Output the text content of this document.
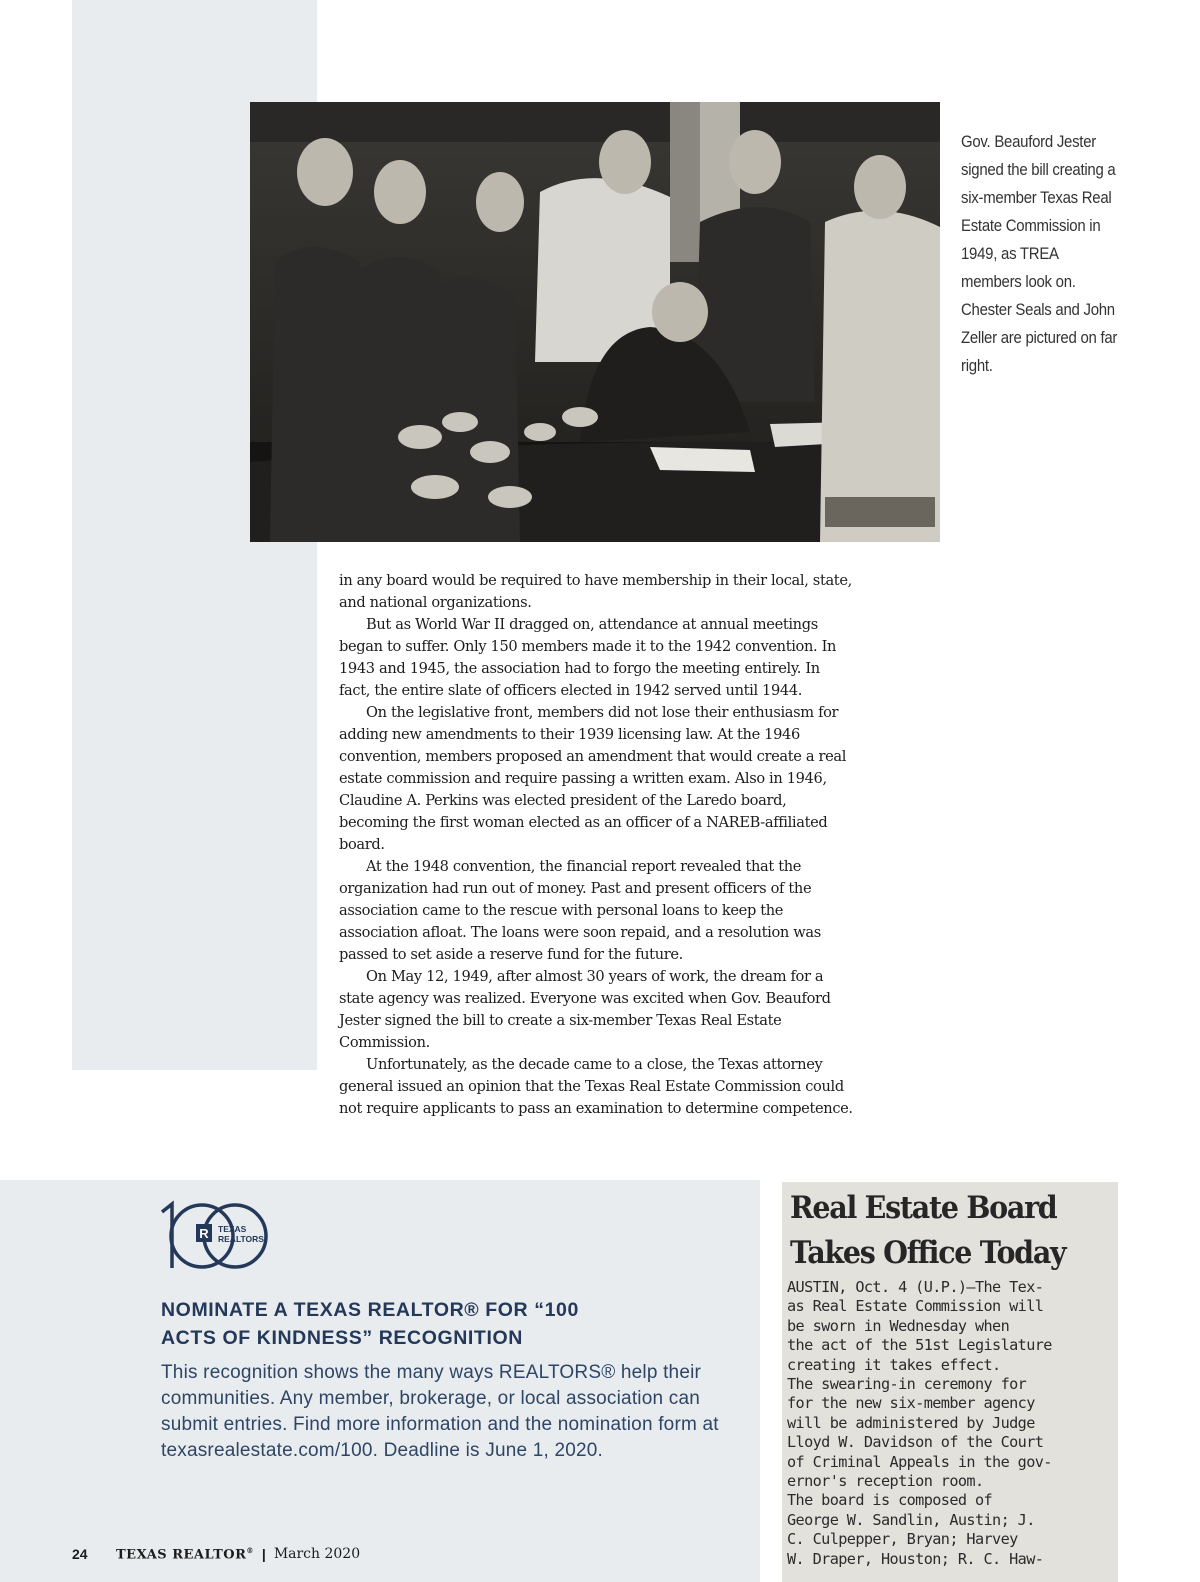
Gov. Beauford Jester signed the bill creating a six-member Texas Real Estate Commission in 1949, as TREA members look on. Chester Seals and John Zeller are pictured on far right.

in any board would be required to have membership in their local, state, and national organizations.

But as World War II dragged on, attendance at annual meetings began to suffer. Only 150 members made it to the 1942 convention. In 1943 and 1945, the association had to forgo the meeting entirely. In fact, the entire slate of officers elected in 1942 served until 1944.

On the legislative front, members did not lose their enthusiasm for adding new amendments to their 1939 licensing law. At the 1946 convention, members proposed an amendment that would create a real estate commission and require passing a written exam. Also in 1946, Claudine A. Perkins was elected president of the Laredo board, becoming the first woman elected as an officer of a NAREB-affiliated board.

At the 1948 convention, the financial report revealed that the organization had run out of money. Past and present officers of the association came to the rescue with personal loans to keep the association afloat. The loans were soon repaid, and a resolution was passed to set aside a reserve fund for the future.

On May 12, 1949, after almost 30 years of work, the dream for a state agency was realized. Everyone was excited when Gov. Beauford Jester signed the bill to create a six-member Texas Real Estate Commission.

Unfortunately, as the decade came to a close, the Texas attorney general issued an opinion that the Texas Real Estate Commission could not require applicants to pass an examination to determine competence.

R TEXAS
REALTORS
NOMINATE A TEXAS REALTOR® FOR “100 ACTS OF KINDNESS” RECOGNITION
This recognition shows the many ways REALTORS® help their communities. Any member, brokerage, or local association can submit entries. Find more information and the nomination form at texasrealestate.com/100. Deadline is June 1, 2020.
24	TEXAS REALTOR® | March 2020
Real Estate Board
Takes Office Today
AUSTIN, Oct. 4 (U.P.)—The Tex-
as Real Estate Commission will
be sworn in Wednesday when
the act of the 51st Legislature
creating it takes effect.
The swearing-in ceremony for
for the new six-member agency
will be administered by Judge
Lloyd W. Davidson of the Court
of Criminal Appeals in the gov-
ernor's reception room.
The board is composed of
George W. Sandlin, Austin; J.
C. Culpepper, Bryan; Harvey
W. Draper, Houston; R. C. Haw-
